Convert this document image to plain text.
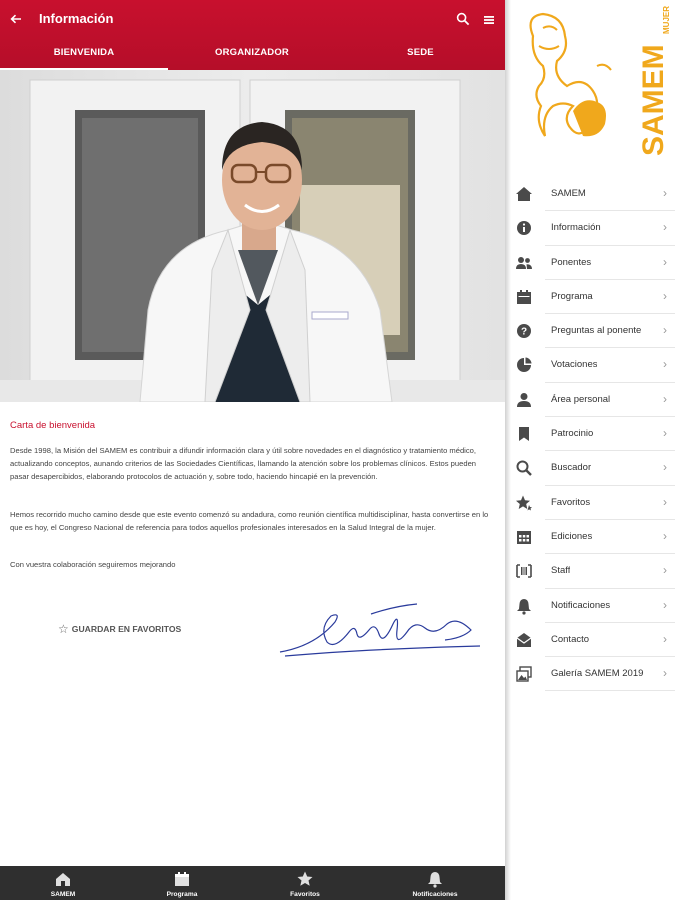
Información
BIENVENIDA	ORGANIZADOR	SEDE
Carta de bienvenida

Desde 1998, la Misión del SAMEM es contribuir a difundir información clara y útil sobre novedades en el diagnóstico y tratamiento médico, actualizando conceptos, aunando criterios de las Sociedades Científicas, llamando la atención sobre los problemas clínicos. Estos pueden pasar desapercibidos, elaborando protocolos de actuación y, sobre todo, haciendo hincapié en la prevención.

Hemos recorrido mucho camino desde que este evento comenzó su andadura, como reunión científica multidisciplinar, hasta convertirse en lo que es hoy, el Congreso Nacional de referencia para todos aquellos profesionales interesados en la Salud Integral de la mujer.

Con vuestra colaboración seguiremos mejorando

☆ GUARDAR EN FAVORITOS
SAMEM	Programa	Favoritos	Notificaciones
SAMEM
MUJER
SAMEM	›
Información	›
Ponentes	›
Programa	›
?	Preguntas al ponente ›
Votaciones	›
Área personal	›
Patrocinio	›
Buscador	›
Favoritos	›
Ediciones	›
Staff	›
Notificaciones	›
Contacto	›
Galería SAMEM 2019 ›
